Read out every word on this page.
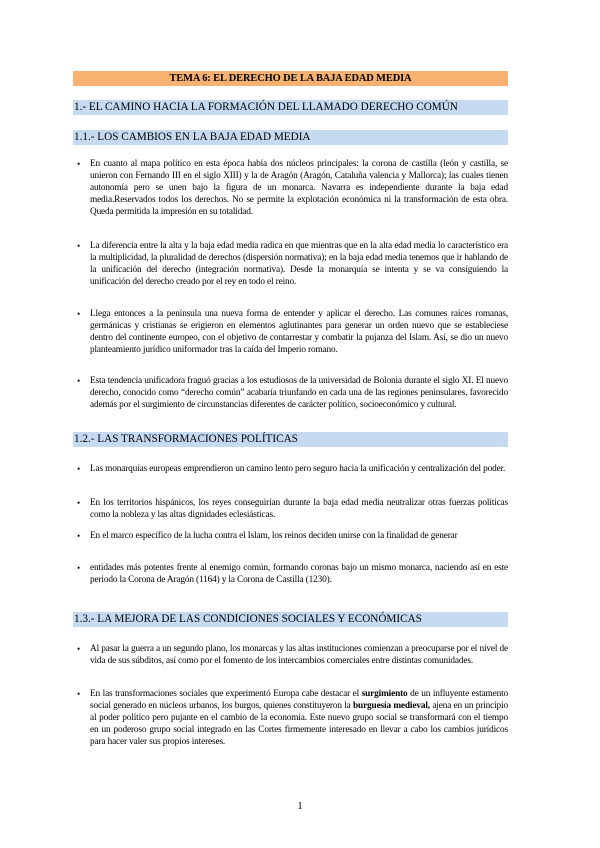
TEMA 6: EL DERECHO DE LA BAJA EDAD MEDIA
1.- EL CAMINO HACIA LA FORMACIÓN DEL LLAMADO DERECHO COMÚN
1.1.- LOS CAMBIOS EN LA BAJA EDAD MEDIA
•	En cuanto al mapa político en esta época había dos núcleos principales: la corona de castilla (león y castilla, se unieron con Fernando III en el siglo XIII) y la de Aragón (Aragón, Cataluña valencia y Mallorca); las cuales tienen autonomía pero se unen bajo la figura de un monarca. Navarra es independiente durante la baja edad media.Reservados todos los derechos. No se permite la explotación económica ni la transformación de esta obra. Queda permitida la impresión en su totalidad.
•	La diferencia entre la alta y la baja edad media radica en que mientras que en la alta edad media lo característico era la multiplicidad, la pluralidad de derechos (dispersión normativa); en la baja edad media tenemos que ir hablando de la unificación del derecho (integración normativa). Desde la monarquía se intenta y se va consiguiendo la unificación del derecho creado por el rey en todo el reino.
•	Llega entonces a la península una nueva forma de entender y aplicar el derecho. Las comunes raíces romanas, germánicas y cristianas se erigieron en elementos aglutinantes para generar un orden nuevo que se estableciese dentro del continente europeo, con el objetivo de contarrestar y combatir la pujanza del Islam. Así, se dio un nuevo planteamiento jurídico uniformador tras la caída del Imperio romano.
•	Esta tendencia unificadora fraguó gracias a los estudiosos de la universidad de Bolonia durante el siglo XI. El nuevo derecho, conocido como “derecho común” acabaría triunfando en cada una de las regiones peninsulares, favorecido además por el surgimiento de circunstancias diferentes de carácter político, socioeconómico y cultural.
1.2.- LAS TRANSFORMACIONES POLÍTICAS
•	Las monarquías europeas emprendieron un camino lento pero seguro hacia la unificación y centralización del poder.
•	En los territorios hispánicos, los reyes conseguirían durante la baja edad media neutralizar otras fuerzas políticas como la nobleza y las altas dignidades eclesiásticas.
•	En el marco específico de la lucha contra el Islam, los reinos deciden unirse con la finalidad de generar
•	entidades más potentes frente al enemigo común, formando coronas bajo un mismo monarca, naciendo así en este periodo la Corona de Aragón (1164) y la Corona de Castilla (1230).
1.3.- LA MEJORA DE LAS CONDICIONES SOCIALES Y ECONÓMICAS
•	Al pasar la guerra a un segundo plano, los monarcas y las altas instituciones comienzan a preocuparse por el nivel de vida de sus súbditos, así como por el fomento de los intercambios comerciales entre distintas comunidades.
•	En las transformaciones sociales que experimentó Europa cabe destacar el surgimiento de un influyente estamento social generado en núcleos urbanos, los burgos, quienes constituyeron la burguesía medieval, ajena en un principio al poder político pero pujante en el cambio de la economía. Este nuevo grupo social se transformará con el tiempo en un poderoso grupo social integrado en las Cortes firmemente interesado en llevar a cabo los cambios jurídicos para hacer valer sus propios intereses.
1
